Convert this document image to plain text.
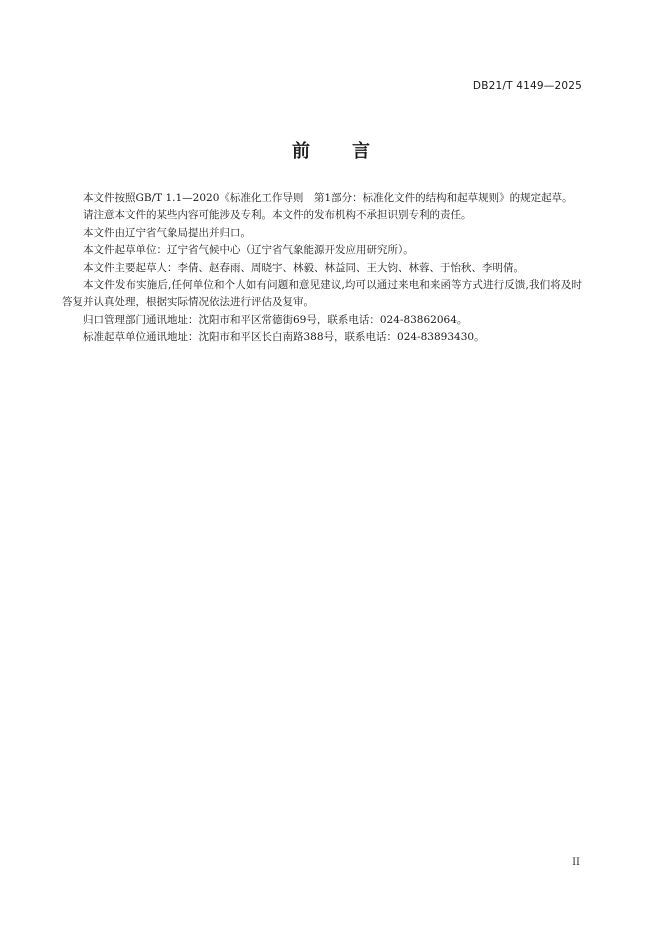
DB21/T 4149—2025
前 言

本文件按照GB/T 1.1—2020《标准化工作导则　第1部分：标准化文件的结构和起草规则》的规定起草。

请注意本文件的某些内容可能涉及专利。本文件的发布机构不承担识别专利的责任。

本文件由辽宁省气象局提出并归口。

本文件起草单位：辽宁省气候中心（辽宁省气象能源开发应用研究所）。

本文件主要起草人：李倩、赵春雨、周晓宇、林毅、林益同、王大钧、林蓉、于怡秋、李明倩。

本文件发布实施后,任何单位和个人如有问题和意见建议,均可以通过来电和来函等方式进行反馈,我们将及时答复并认真处理，根据实际情况依法进行评估及复审。

归口管理部门通讯地址：沈阳市和平区常德街69号，联系电话：024-83862064。

标准起草单位通讯地址：沈阳市和平区长白南路388号，联系电话：024-83893430。

II
